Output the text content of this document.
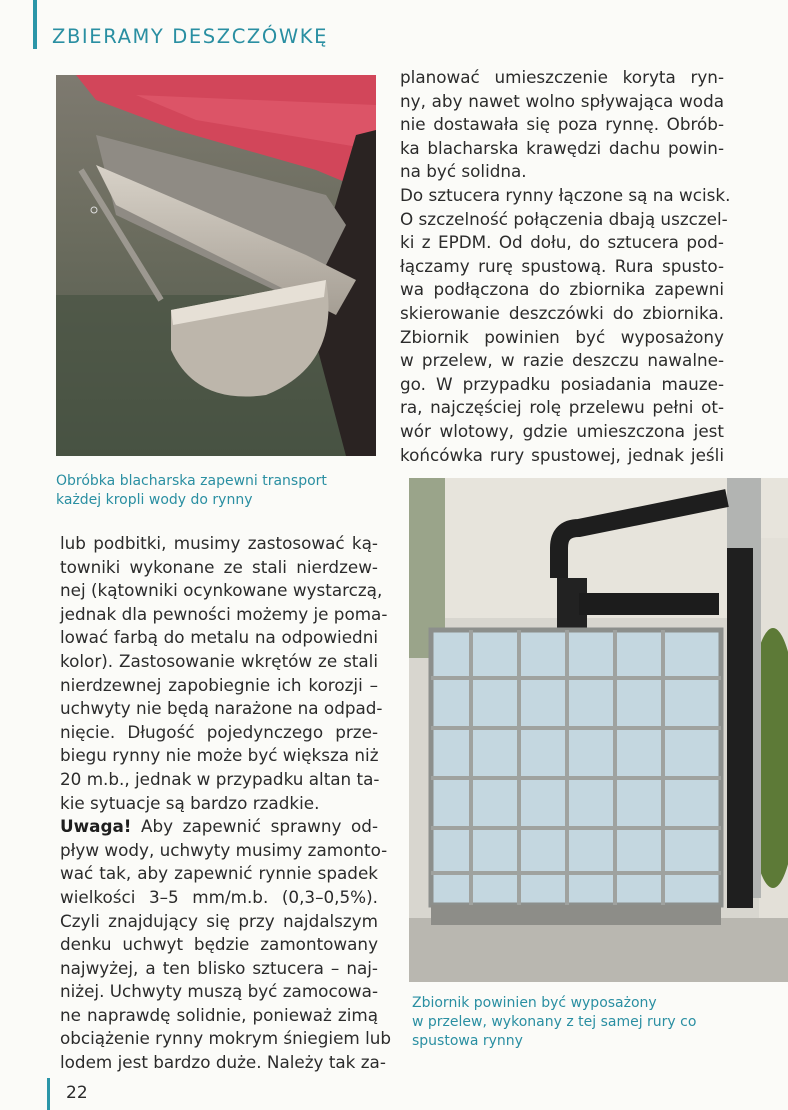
ZBIERAMY DESZCZÓWKĘ
Obróbka blacharska zapewni transport
każdej kropli wody do rynny
Zbiornik powinien być wyposażony
w przelew, wykonany z tej samej rury co
spustowa rynny

lub podbitki, musimy zastosować ką-
towniki wykonane ze stali nierdzew-
nej (kątowniki ocynkowane wystarczą,
jednak dla pewności możemy je poma-
lować farbą do metalu na odpowiedni
kolor). Zastosowanie wkrętów ze stali
nierdzewnej zapobiegnie ich korozji –
uchwyty nie będą narażone na odpad-
nięcie. Długość pojedynczego prze-
biegu rynny nie może być większa niż
20 m.b., jednak w przypadku altan ta-
kie sytuacje są bardzo rzadkie.

Uwaga! Aby zapewnić sprawny od-
pływ wody, uchwyty musimy zamonto-
wać tak, aby zapewnić rynnie spadek
wielkości 3–5 mm/m.b. (0,3–0,5%).
Czyli znajdujący się przy najdalszym
denku uchwyt będzie zamontowany
najwyżej, a ten blisko sztucera – naj-
niżej. Uchwyty muszą być zamocowa-
ne naprawdę solidnie, ponieważ zimą
obciążenie rynny mokrym śniegiem lub
lodem jest bardzo duże. Należy tak za-

planować umieszczenie koryta ryn-
ny, aby nawet wolno spływająca woda
nie dostawała się poza rynnę. Obrób-
ka blacharska krawędzi dachu powin-
na być solidna.

Do sztucera rynny łączone są na wcisk.
O szczelność połączenia dbają uszczel-
ki z EPDM. Od dołu, do sztucera pod-
łączamy rurę spustową. Rura spusto-
wa podłączona do zbiornika zapewni
skierowanie deszczówki do zbiornika.
Zbiornik powinien być wyposażony
w przelew, w razie deszczu nawalne-
go. W przypadku posiadania mauze-
ra, najczęściej rolę przelewu pełni ot-
wór wlotowy, gdzie umieszczona jest
końcówka rury spustowej, jednak jeśli

22
